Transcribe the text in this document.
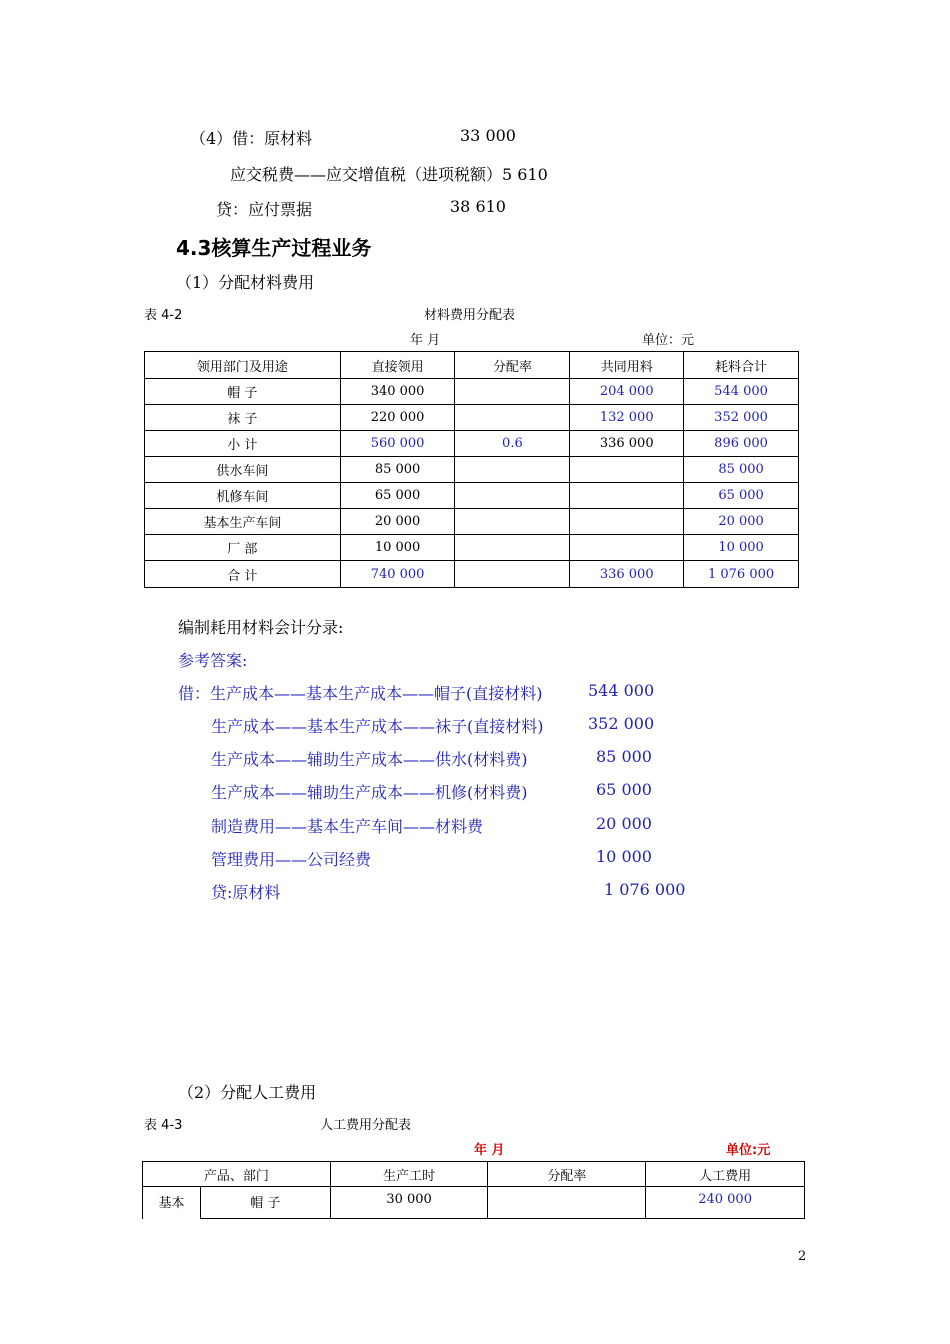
（4）借：原材料	33 000
应交税费——应交增值税（进项税额）5 610
贷：应付票据	38 610
4.3核算生产过程业务
（1）分配材料费用
表 4-2	材料费用分配表
年 月	单位：元
领用部门及用途	直接领用	分配率	共同用料	耗料合计
帽 子	340 000		204 000	544 000
袜 子	220 000		132 000	352 000
小 计	560 000	0.6	336 000	896 000
供水车间	85 000			85 000
机修车间	65 000			65 000
基本生产车间	20 000			20 000
厂 部	10 000			10 000
合 计	740 000		336 000	1 076 000
编制耗用材料会计分录:
参考答案:
借：生产成本——基本生产成本——帽子(直接材料)	544 000
生产成本——基本生产成本——袜子(直接材料)	352 000
生产成本——辅助生产成本——供水(材料费)	85 000
生产成本——辅助生产成本——机修(材料费)	65 000
制造费用——基本生产车间——材料费	20 000
管理费用——公司经费	10 000
贷:原材料	1 076 000
（2）分配人工费用
表 4-3	人工费用分配表
年 月	单位:元
产品、部门		生产工时	分配率	人工费用
基本	帽 子	30 000		240 000
2
